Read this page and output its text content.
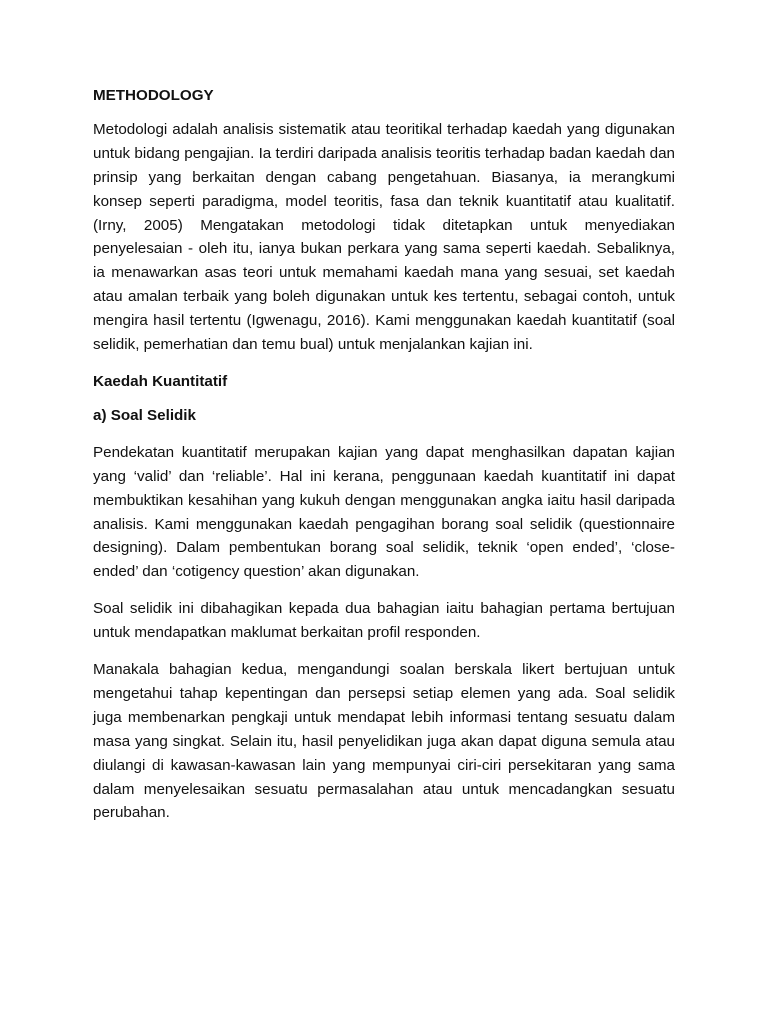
METHODOLOGY

Metodologi adalah analisis sistematik atau teoritikal terhadap kaedah yang digunakan untuk bidang pengajian. Ia terdiri daripada analisis teoritis terhadap badan kaedah dan prinsip yang berkaitan dengan cabang pengetahuan. Biasanya, ia merangkumi konsep seperti paradigma, model teoritis, fasa dan teknik kuantitatif atau kualitatif. (Irny, 2005) Mengatakan metodologi tidak ditetapkan untuk menyediakan penyelesaian - oleh itu, ianya bukan perkara yang sama seperti kaedah. Sebaliknya, ia menawarkan asas teori untuk memahami kaedah mana yang sesuai, set kaedah atau amalan terbaik yang boleh digunakan untuk kes tertentu, sebagai contoh, untuk mengira hasil tertentu (Igwenagu, 2016). Kami menggunakan kaedah kuantitatif (soal selidik, pemerhatian dan temu bual) untuk menjalankan kajian ini.

Kaedah Kuantitatif
a) Soal Selidik

Pendekatan kuantitatif merupakan kajian yang dapat menghasilkan dapatan kajian yang ‘valid’ dan ‘reliable’. Hal ini kerana, penggunaan kaedah kuantitatif ini dapat membuktikan kesahihan yang kukuh dengan menggunakan angka iaitu hasil daripada analisis. Kami menggunakan kaedah pengagihan borang soal selidik (questionnaire designing). Dalam pembentukan borang soal selidik, teknik ‘open ended’, ‘close-ended’ dan ‘cotigency question’ akan digunakan.

Soal selidik ini dibahagikan kepada dua bahagian iaitu bahagian pertama bertujuan untuk mendapatkan maklumat berkaitan profil responden.

Manakala bahagian kedua, mengandungi soalan berskala likert bertujuan untuk mengetahui tahap kepentingan dan persepsi setiap elemen yang ada. Soal selidik juga membenarkan pengkaji untuk mendapat lebih informasi tentang sesuatu dalam masa yang singkat. Selain itu, hasil penyelidikan juga akan dapat diguna semula atau diulangi di kawasan-kawasan lain yang mempunyai ciri-ciri persekitaran yang sama dalam menyelesaikan sesuatu permasalahan atau untuk mencadangkan sesuatu perubahan.
